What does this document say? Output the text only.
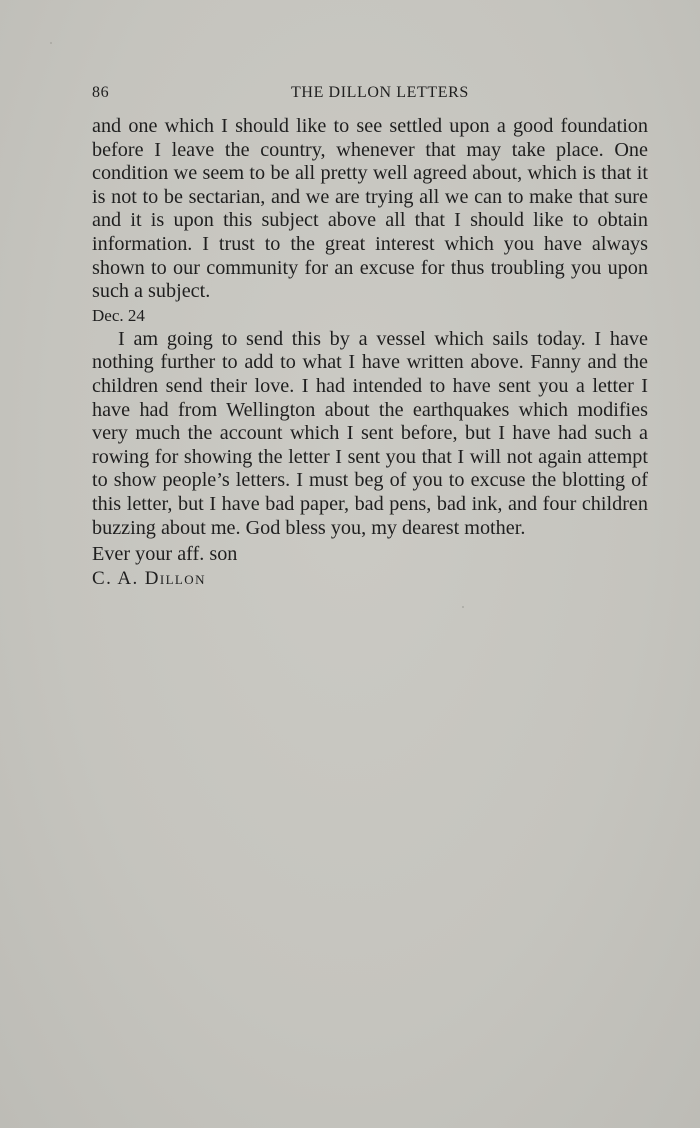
86	THE DILLON LETTERS

and one which I should like to see settled upon a good foundation before I leave the country, whenever that may take place. One condition we seem to be all pretty well agreed about, which is that it is not to be sectarian, and we are trying all we can to make that sure and it is upon this subject above all that I should like to obtain information. I trust to the great interest which you have always shown to our community for an excuse for thus troubling you upon such a subject.

Dec. 24

I am going to send this by a vessel which sails today. I have nothing further to add to what I have written above. Fanny and the children send their love. I had intended to have sent you a letter I have had from Wellington about the earthquakes which modifies very much the account which I sent before, but I have had such a rowing for showing the letter I sent you that I will not again attempt to show people’s letters. I must beg of you to excuse the blotting of this letter, but I have bad paper, bad pens, bad ink, and four children buzzing about me. God bless you, my dearest mother.

Ever your aff. son

C. A. Dillon
